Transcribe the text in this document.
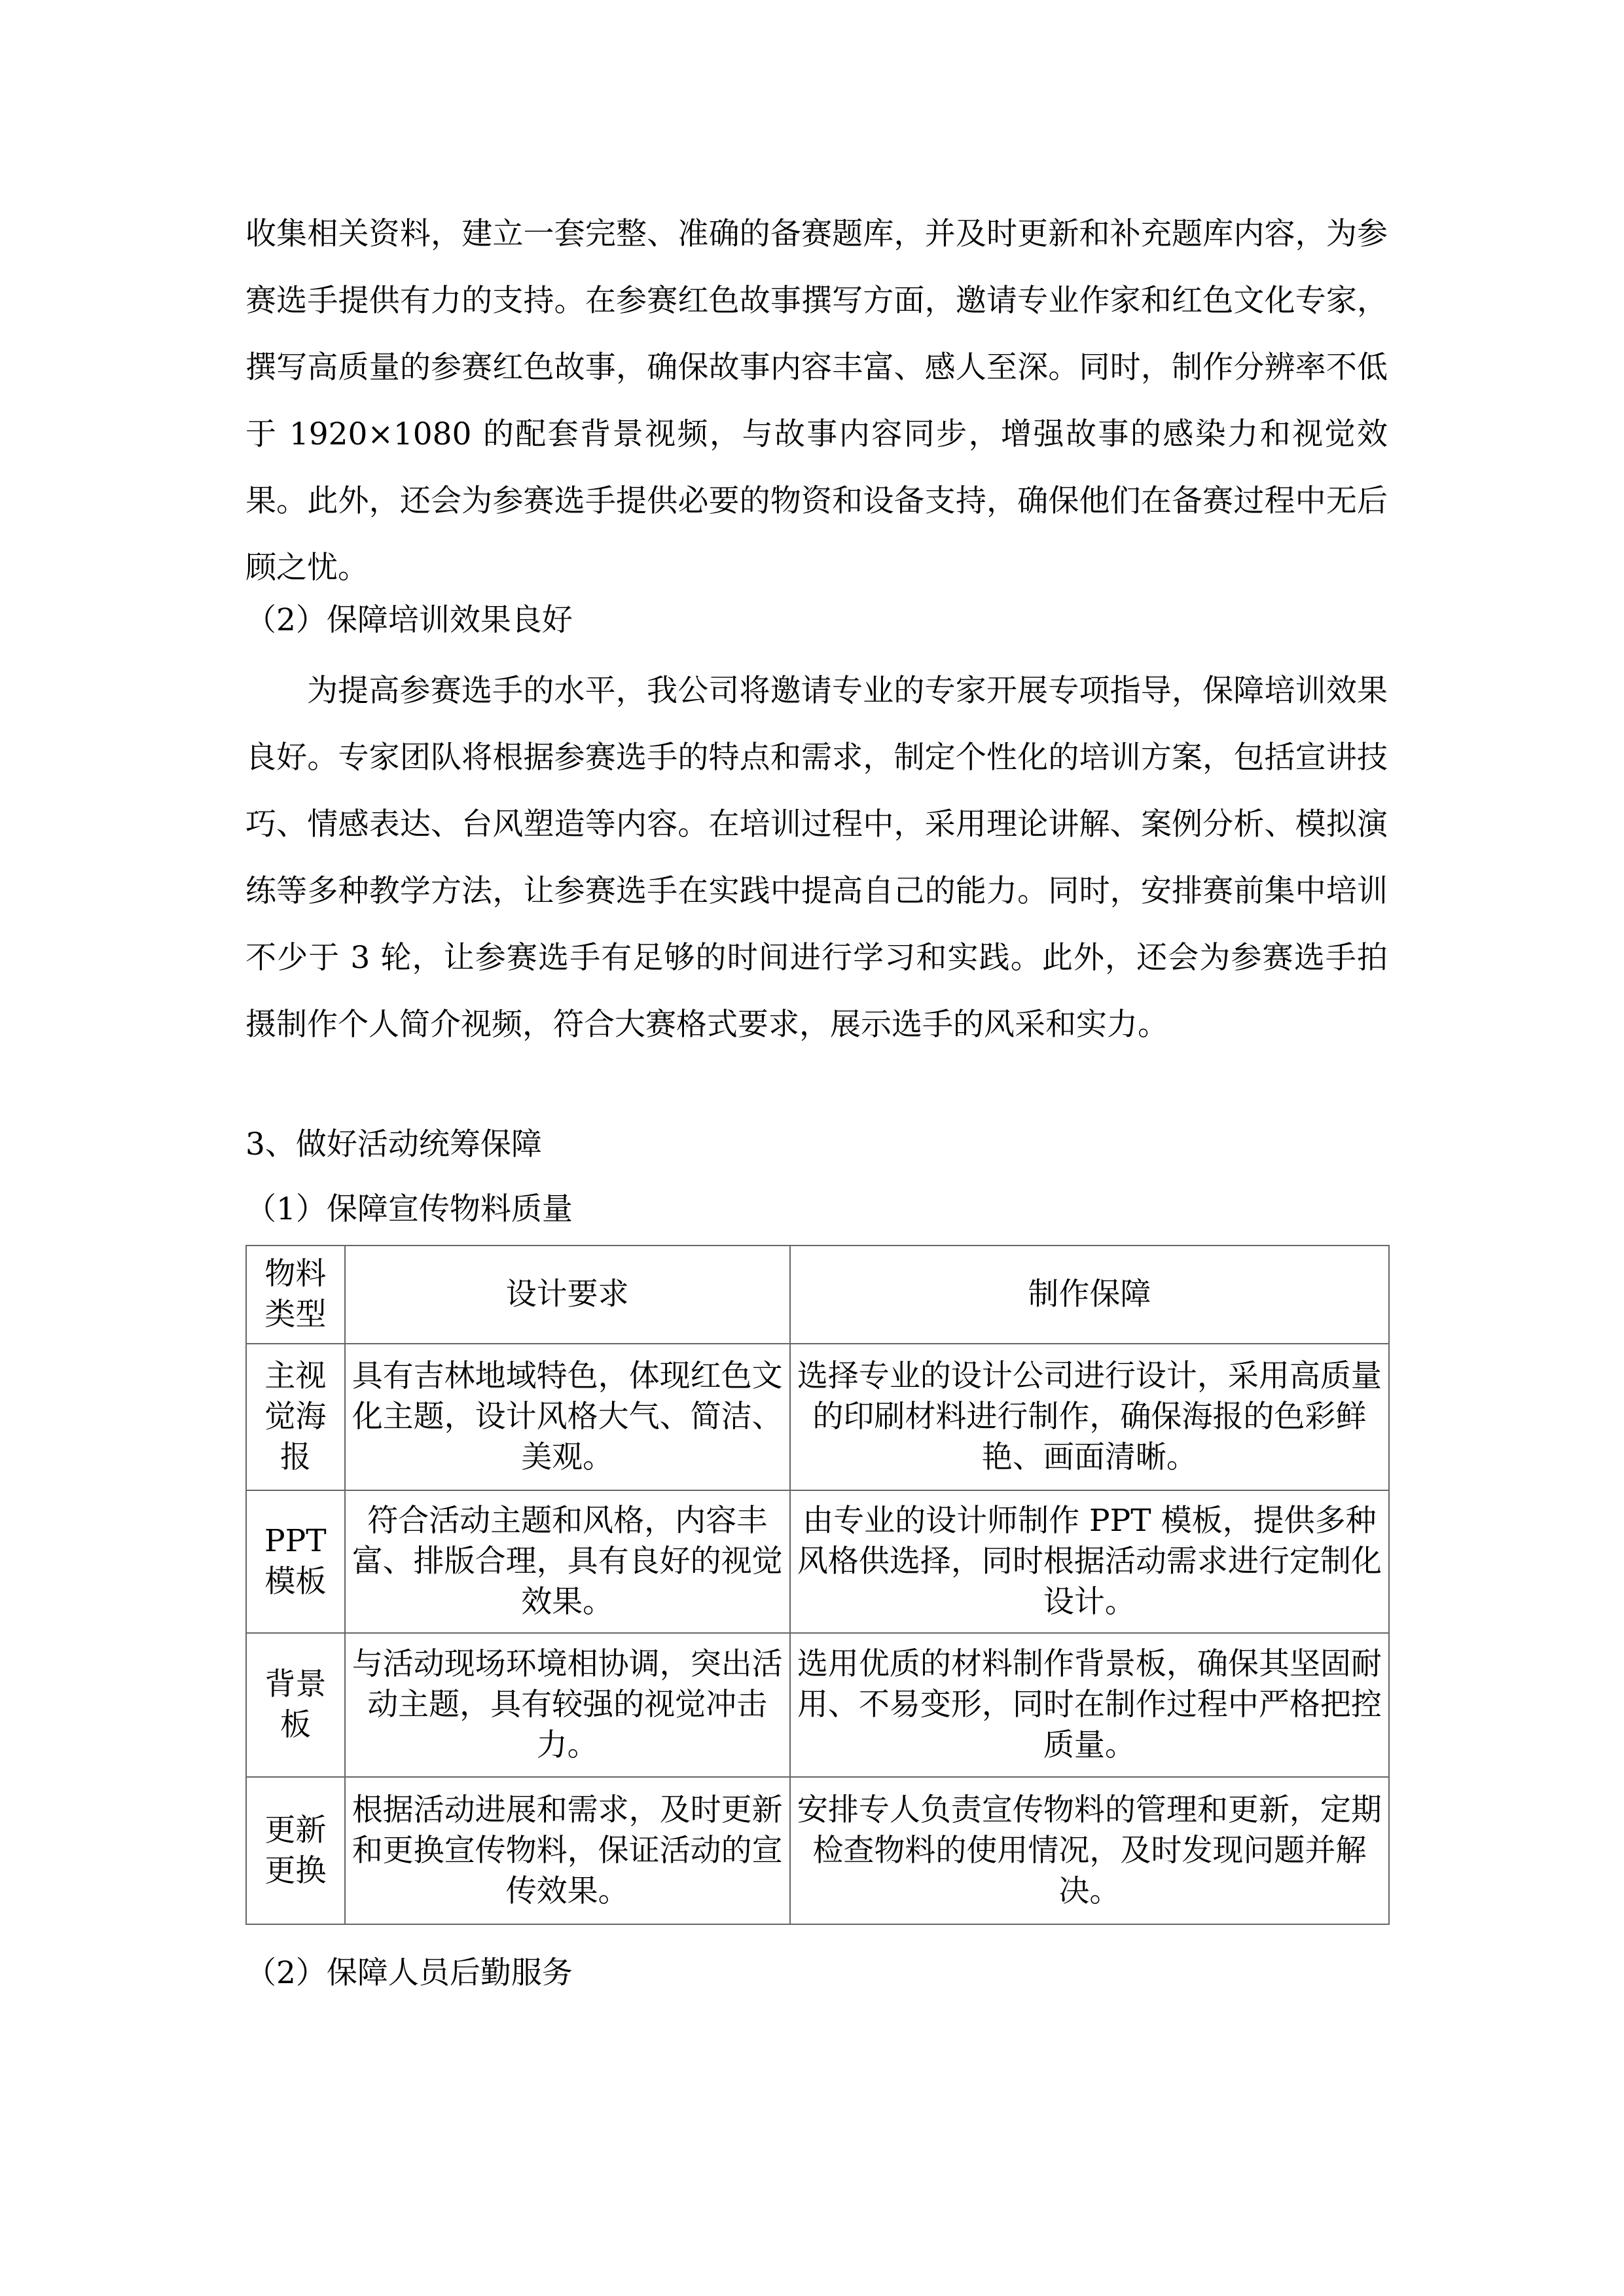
收集相关资料，建立一套完整、准确的备赛题库，并及时更新和补充题库内容，为参赛选手提供有力的支持。在参赛红色故事撰写方面，邀请专业作家和红色文化专家，撰写高质量的参赛红色故事，确保故事内容丰富、感人至深。同时，制作分辨率不低于 1920×1080 的配套背景视频，与故事内容同步，增强故事的感染力和视觉效果。此外，还会为参赛选手提供必要的物资和设备支持，确保他们在备赛过程中无后顾之忧。

（2）保障培训效果良好

为提高参赛选手的水平，我公司将邀请专业的专家开展专项指导，保障培训效果良好。专家团队将根据参赛选手的特点和需求，制定个性化的培训方案，包括宣讲技巧、情感表达、台风塑造等内容。在培训过程中，采用理论讲解、案例分析、模拟演练等多种教学方法，让参赛选手在实践中提高自己的能力。同时，安排赛前集中培训不少于 3 轮，让参赛选手有足够的时间进行学习和实践。此外，还会为参赛选手拍摄制作个人简介视频，符合大赛格式要求，展示选手的风采和实力。

3、做好活动统筹保障

（1）保障宣传物料质量

物料类型	设计要求	制作保障
主视觉海报	具有吉林地域特色，体现红色文化主题，设计风格大气、简洁、美观。	选择专业的设计公司进行设计，采用高质量的印刷材料进行制作，确保海报的色彩鲜艳、画面清晰。
PPT 模板	符合活动主题和风格，内容丰富、排版合理，具有良好的视觉效果。	由专业的设计师制作 PPT 模板，提供多种风格供选择，同时根据活动需求进行定制化设计。
背景板	与活动现场环境相协调，突出活动主题，具有较强的视觉冲击力。	选用优质的材料制作背景板，确保其坚固耐用、不易变形，同时在制作过程中严格把控质量。
更新更换	根据活动进展和需求，及时更新和更换宣传物料，保证活动的宣传效果。	安排专人负责宣传物料的管理和更新，定期检查物料的使用情况，及时发现问题并解决。

（2）保障人员后勤服务
